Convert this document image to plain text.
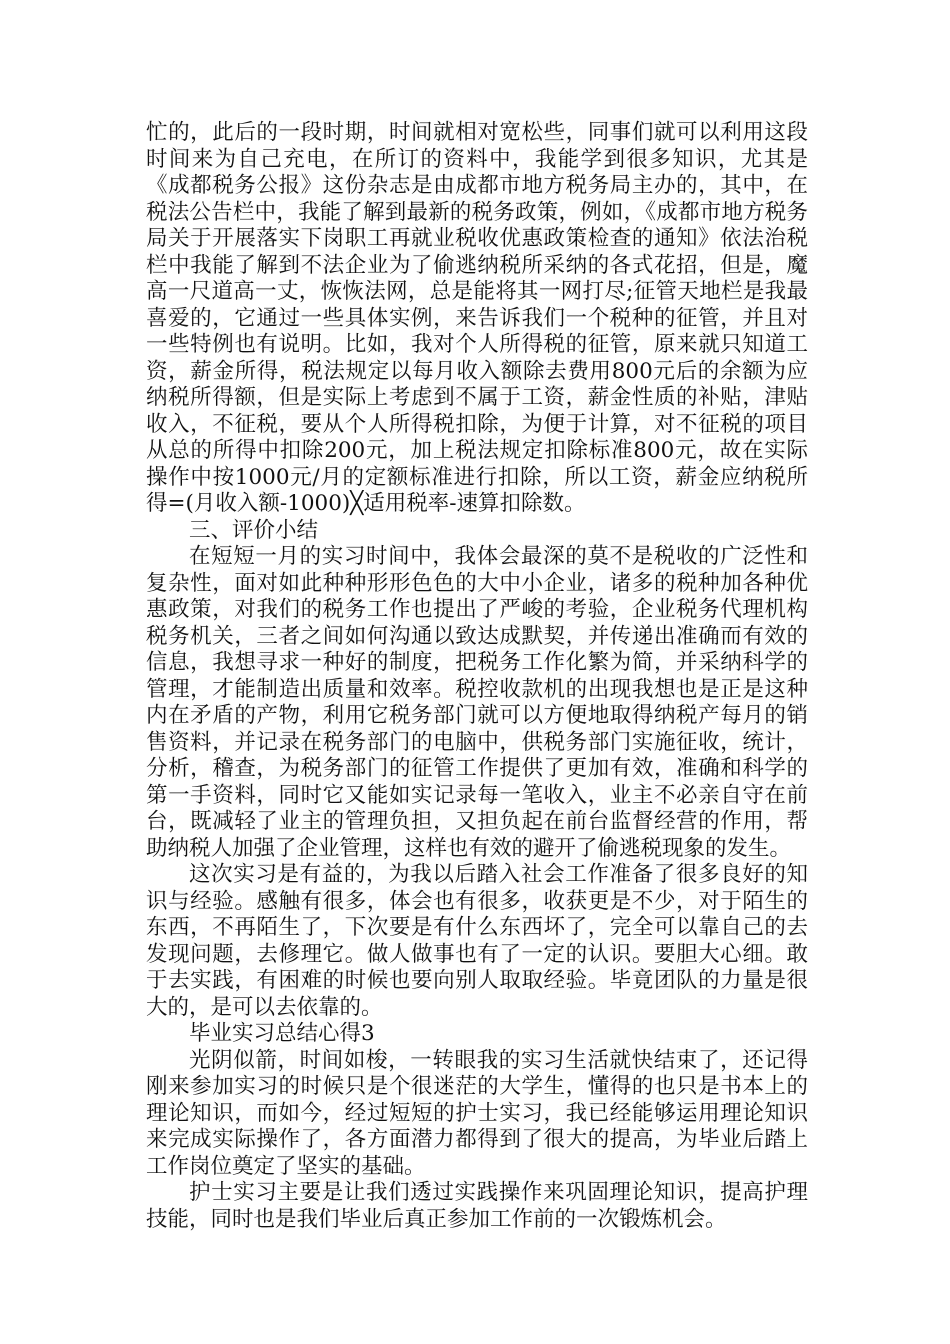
忙的，此后的一段时期，时间就相对宽松些，同事们就可以利用这段时间来为自己充电，在所订的资料中，我能学到很多知识，尤其是《成都税务公报》这份杂志是由成都市地方税务局主办的，其中，在税法公告栏中，我能了解到最新的税务政策，例如，《成都市地方税务局关于开展落实下岗职工再就业税收优惠政策检查的通知》依法治税栏中我能了解到不法企业为了偷逃纳税所采纳的各式花招，但是，魔高一尺道高一丈，恢恢法网，总是能将其一网打尽;征管天地栏是我最喜爱的，它通过一些具体实例，来告诉我们一个税种的征管，并且对一些特例也有说明。比如，我对个人所得税的征管，原来就只知道工资，薪金所得，税法规定以每月收入额除去费用800元后的余额为应纳税所得额，但是实际上考虑到不属于工资，薪金性质的补贴，津贴收入，不征税，要从个人所得税扣除，为便于计算，对不征税的项目从总的所得中扣除200元，加上税法规定扣除标准800元，故在实际操作中按1000元/月的定额标准进行扣除，所以工资，薪金应纳税所得=(月收入额-1000)╳适用税率-速算扣除数。

三、评价小结

在短短一月的实习时间中，我体会最深的莫不是税收的广泛性和复杂性，面对如此种种形形色色的大中小企业，诸多的税种加各种优惠政策，对我们的税务工作也提出了严峻的考验，企业税务代理机构税务机关，三者之间如何沟通以致达成默契，并传递出准确而有效的信息，我想寻求一种好的制度，把税务工作化繁为简，并采纳科学的管理，才能制造出质量和效率。税控收款机的出现我想也是正是这种内在矛盾的产物，利用它税务部门就可以方便地取得纳税产每月的销售资料，并记录在税务部门的电脑中，供税务部门实施征收，统计，分析，稽查，为税务部门的征管工作提供了更加有效，准确和科学的第一手资料，同时它又能如实记录每一笔收入，业主不必亲自守在前台，既减轻了业主的管理负担，又担负起在前台监督经营的作用，帮助纳税人加强了企业管理，这样也有效的避开了偷逃税现象的发生。

这次实习是有益的，为我以后踏入社会工作准备了很多良好的知识与经验。感触有很多，体会也有很多，收获更是不少，对于陌生的东西，不再陌生了，下次要是有什么东西坏了，完全可以靠自己的去发现问题，去修理它。做人做事也有了一定的认识。要胆大心细。敢于去实践，有困难的时候也要向别人取取经验。毕竟团队的力量是很大的，是可以去依靠的。

毕业实习总结心得3

光阴似箭，时间如梭，一转眼我的实习生活就快结束了，还记得刚来参加实习的时候只是个很迷茫的大学生，懂得的也只是书本上的理论知识，而如今，经过短短的护士实习，我已经能够运用理论知识来完成实际操作了，各方面潜力都得到了很大的提高，为毕业后踏上工作岗位奠定了坚实的基础。

护士实习主要是让我们透过实践操作来巩固理论知识，提高护理技能，同时也是我们毕业后真正参加工作前的一次锻炼机会。
